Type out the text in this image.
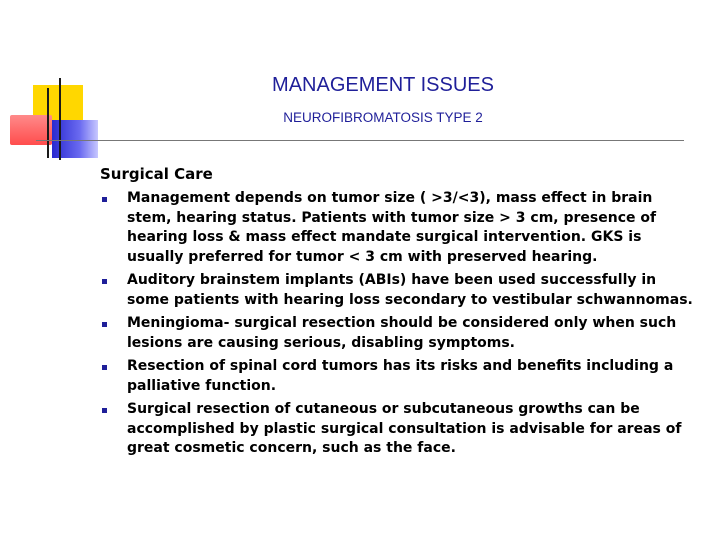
MANAGEMENT ISSUES
NEUROFIBROMATOSIS TYPE 2
Surgical Care
Management depends on tumor size ( >3/<3), mass effect in brain stem, hearing status. Patients with tumor size > 3 cm, presence of hearing loss & mass effect mandate surgical intervention. GKS is usually preferred for tumor < 3 cm with preserved hearing.
Auditory brainstem implants (ABIs) have been used successfully in some patients with hearing loss secondary to vestibular schwannomas.
Meningioma- surgical resection should be considered only when such lesions are causing serious, disabling symptoms.
Resection of spinal cord tumors has its risks and benefits including a palliative function.
Surgical resection of cutaneous or subcutaneous growths can be accomplished by plastic surgical consultation is advisable for areas of great cosmetic concern, such as the face.
